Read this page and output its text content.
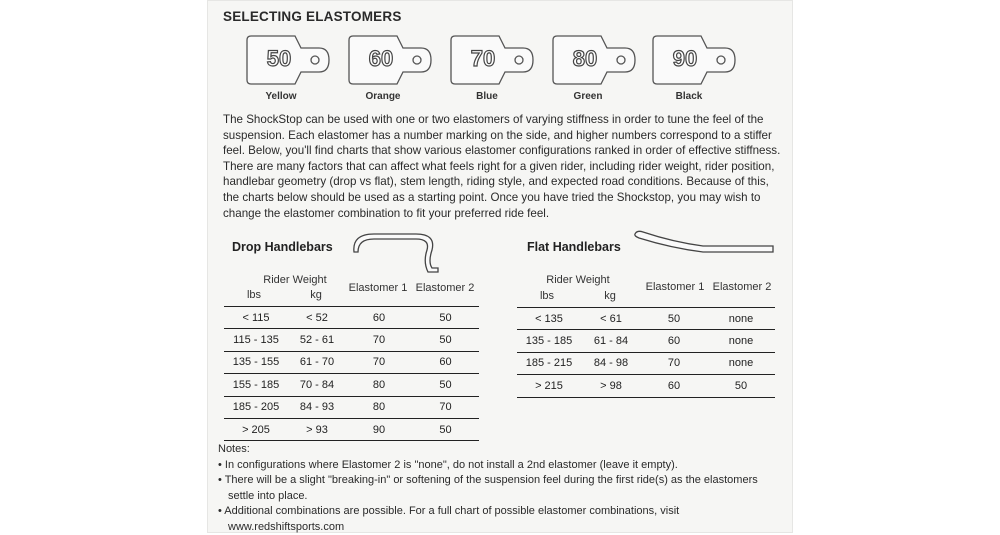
SELECTING ELASTOMERS
50
Yellow
60
Orange
70
Blue
80
Green
90
Black

The ShockStop can be used with one or two elastomers of varying stiffness in order to tune the feel of the suspension. Each elastomer has a number marking on the side, and higher numbers correspond to a stiffer feel. Below, you'll find charts that show various elastomer configurations ranked in order of effective stiffness. There are many factors that can affect what feels right for a given rider, including rider weight, rider position, handlebar geometry (drop vs flat), stem length, riding style, and expected road conditions. Because of this, the charts below should be used as a starting point. Once you have tried the Shockstop, you may wish to change the elastomer combination to fit your preferred ride feel.

Drop Handlebars
Rider Weight
lbs	kg
Elastomer 1 Elastomer 2
< 115	< 52	60	50
115 - 135	52 - 61	70	50
135 - 155	61 - 70	70	60
155 - 185	70 - 84	80	50
185 - 205	84 - 93	80	70
> 205	> 93	90	50
Flat Handlebars
Rider Weight
lbs	kg
Elastomer 1 Elastomer 2
< 135	< 61	50	none
135 - 185	61 - 84	60	none
185 - 215	84 - 98	70	none
> 215	> 98	60	50
Notes:
• In configurations where Elastomer 2 is "none", do not install a 2nd elastomer (leave it empty).
• There will be a slight "breaking-in" or softening of the suspension feel during the first ride(s) as the elastomers
settle into place.
• Additional combinations are possible. For a full chart of possible elastomer combinations, visit
www.redshiftsports.com
